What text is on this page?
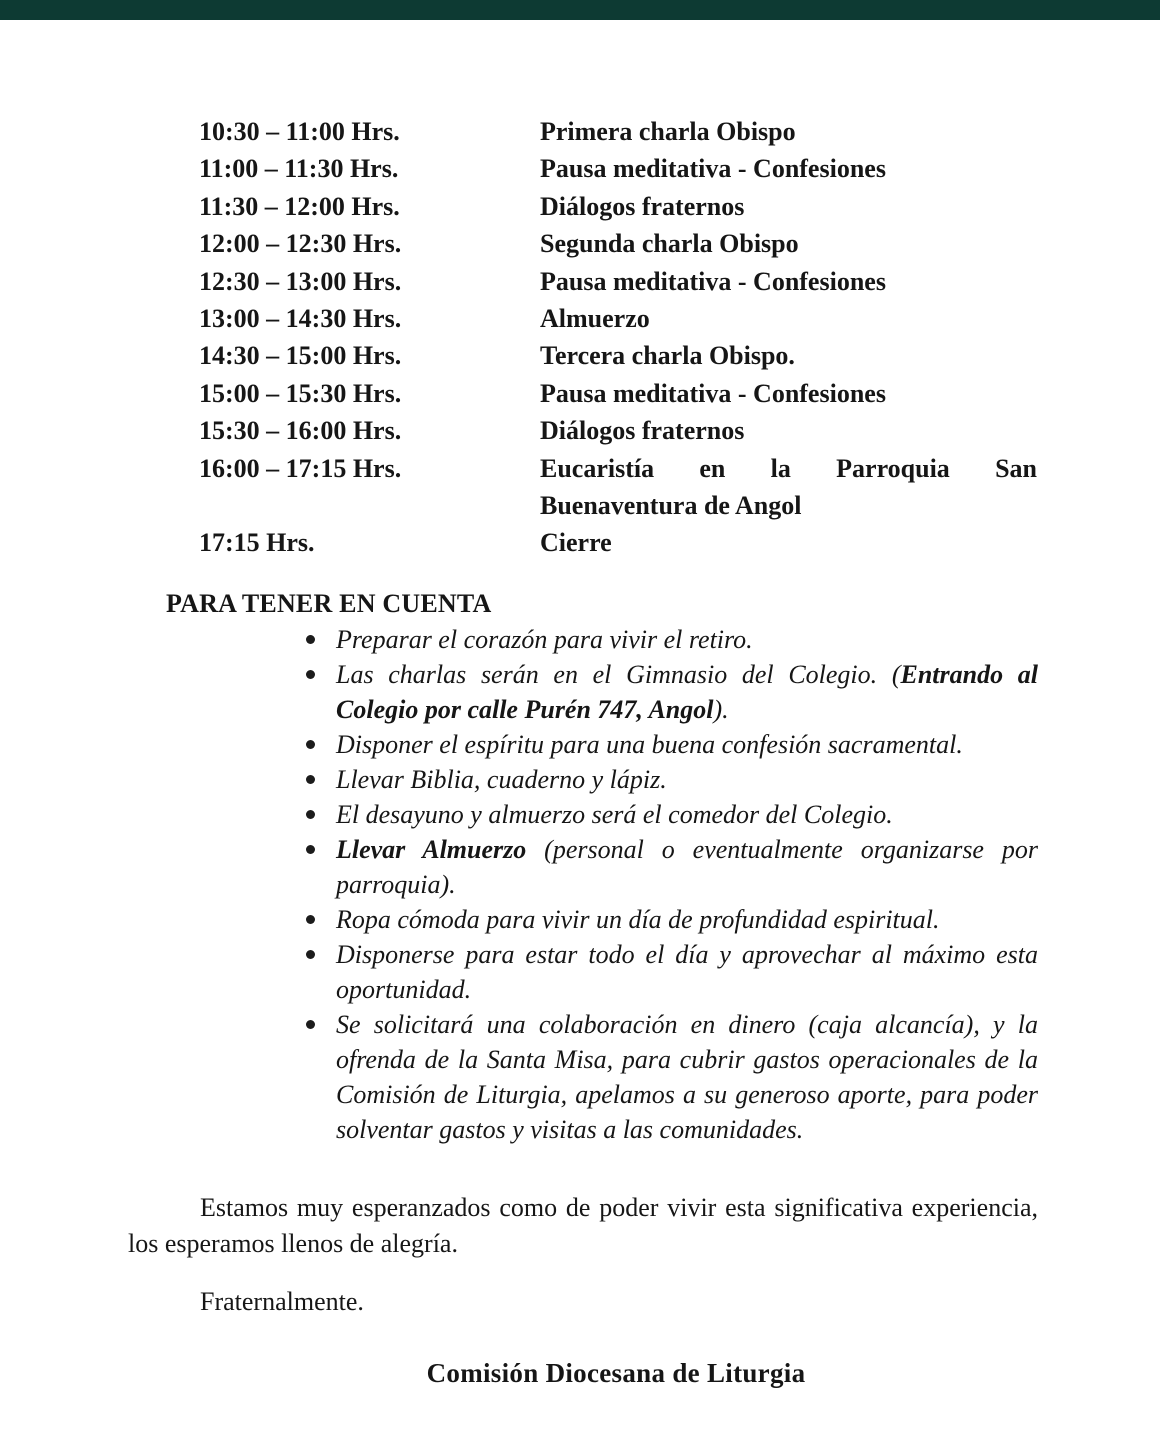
10:30 – 11:00 Hrs.	Primera charla Obispo
11:00 – 11:30 Hrs.	Pausa meditativa - Confesiones
11:30 – 12:00 Hrs.	Diálogos fraternos
12:00 – 12:30 Hrs.	Segunda charla Obispo
12:30 – 13:00 Hrs.	Pausa meditativa - Confesiones
13:00 – 14:30 Hrs.	Almuerzo
14:30 – 15:00 Hrs.	Tercera charla Obispo.
15:00 – 15:30 Hrs.	Pausa meditativa - Confesiones
15:30 – 16:00 Hrs.	Diálogos fraternos
16:00 – 17:15 Hrs.	Eucaristía en la Parroquia San
Buenaventura de Angol
17:15 Hrs.	Cierre
PARA TENER EN CUENTA
Preparar el corazón para vivir el retiro.
Las charlas serán en el Gimnasio del Colegio. (Entrando al Colegio por calle Purén 747, Angol).
Disponer el espíritu para una buena confesión sacramental.
Llevar Biblia, cuaderno y lápiz.
El desayuno y almuerzo será el comedor del Colegio.
Llevar Almuerzo (personal o eventualmente organizarse por parroquia).
Ropa cómoda para vivir un día de profundidad espiritual.
Disponerse para estar todo el día y aprovechar al máximo esta oportunidad.
Se solicitará una colaboración en dinero (caja alcancía), y la ofrenda de la Santa Misa, para cubrir gastos operacionales de la Comisión de Liturgia, apelamos a su generoso aporte, para poder solventar gastos y visitas a las comunidades.

Estamos muy esperanzados como de poder vivir esta significativa experiencia, los esperamos llenos de alegría.

Fraternalmente.

Comisión Diocesana de Liturgia
